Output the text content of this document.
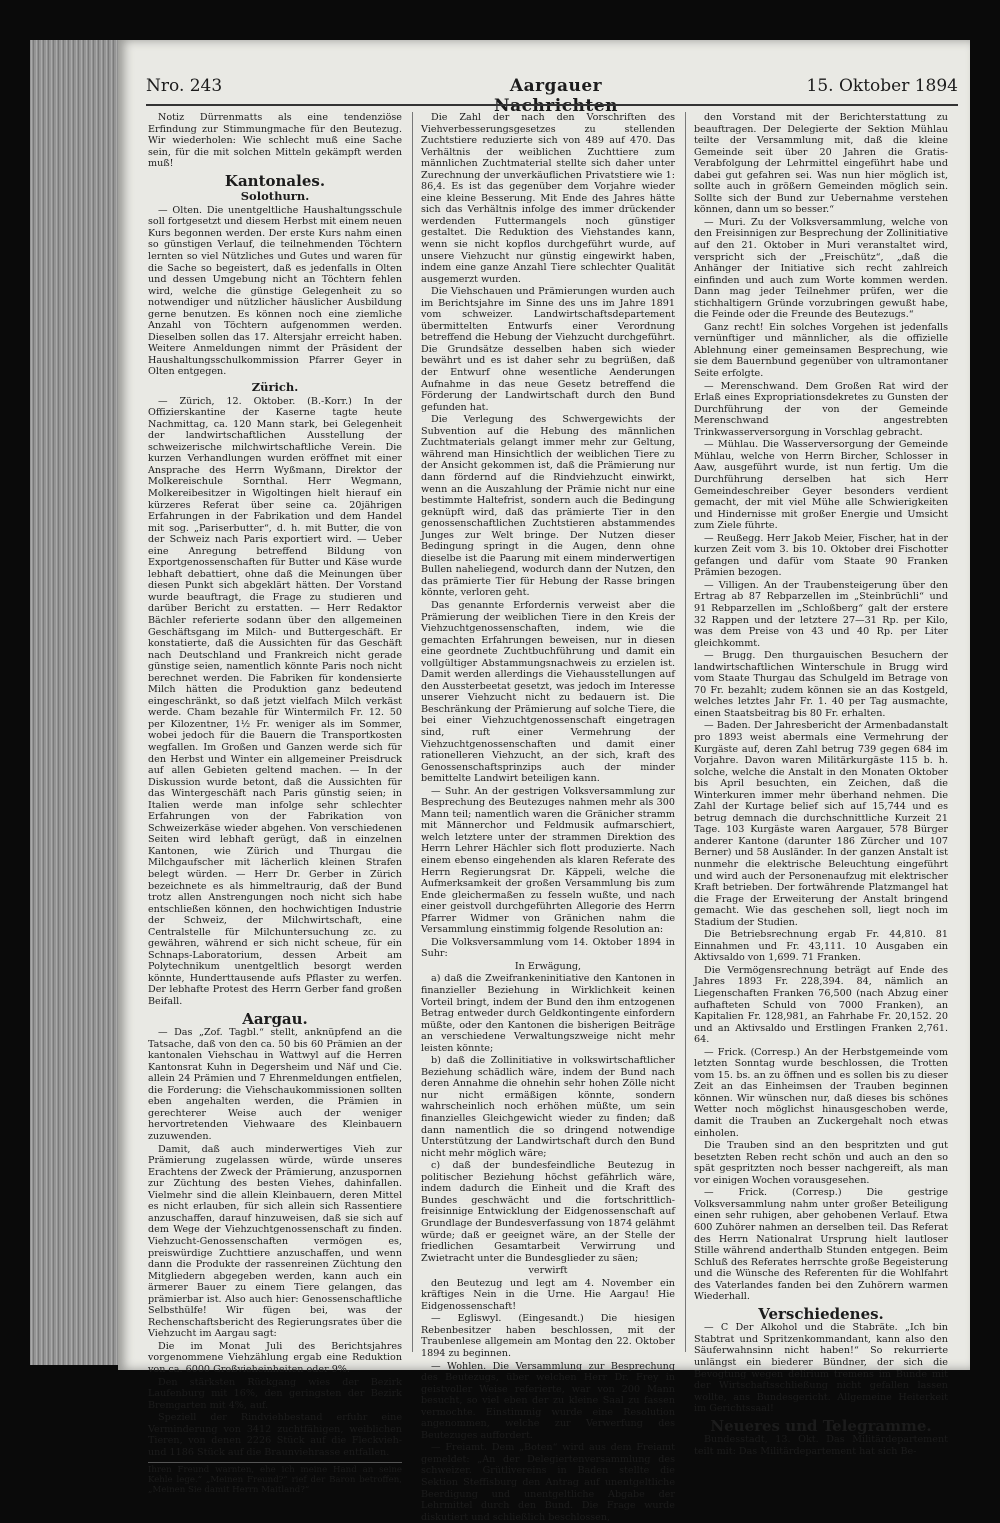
Nro. 243	Aargauer Nachrichten
15. Oktober 1894

Notiz Dürrenmatts als eine tendenziöse Erfindung zur Stimmungmache für den Beutezug. Wir wiederholen: Wie schlecht muß eine Sache sein, für die mit solchen Mitteln gekämpft werden muß!

Kantonales.
Solothurn.

— Olten. Die unentgeltliche Haushaltungsschule soll fortgesetzt und diesem Herbst mit einem neuen Kurs begonnen werden. Der erste Kurs nahm einen so günstigen Verlauf, die teilnehmenden Töchtern lernten so viel Nützliches und Gutes und waren für die Sache so begeistert, daß es jedenfalls in Olten und dessen Umgebung nicht an Töchtern fehlen wird, welche die günstige Gelegenheit zu so notwendiger und nützlicher häuslicher Ausbildung gerne benutzen. Es können noch eine ziemliche Anzahl von Töchtern aufgenommen werden. Dieselben sollen das 17. Altersjahr erreicht haben. Weitere Anmeldungen nimmt der Präsident der Haushaltungsschulkommission Pfarrer Geyer in Olten entgegen.

Zürich.

— Zürich, 12. Oktober. (B.-Korr.) In der Offizierskantine der Kaserne tagte heute Nachmittag, ca. 120 Mann stark, bei Gelegenheit der landwirtschaftlichen Ausstellung der schweizerische milchwirtschaftliche Verein. Die kurzen Verhandlungen wurden eröffnet mit einer Ansprache des Herrn Wyßmann, Direktor der Molkereischule Sornthal. Herr Wegmann, Molkereibesitzer in Wigoltingen hielt hierauf ein kürzeres Referat über seine ca. 20jährigen Erfahrungen in der Fabrikation und dem Handel mit sog. „Pariserbutter“, d. h. mit Butter, die von der Schweiz nach Paris exportiert wird. — Ueber eine Anregung betreffend Bildung von Exportgenossenschaften für Butter und Käse wurde lebhaft debattiert, ohne daß die Meinungen über diesen Punkt sich abgeklärt hätten. Der Vorstand wurde beauftragt, die Frage zu studieren und darüber Bericht zu erstatten. — Herr Redaktor Bächler referierte sodann über den allgemeinen Geschäftsgang im Milch- und Buttergeschäft. Er konstatierte, daß die Aussichten für das Geschäft nach Deutschland und Frankreich nicht gerade günstige seien, namentlich könnte Paris noch nicht berechnet werden. Die Fabriken für kondensierte Milch hätten die Produktion ganz bedeutend eingeschränkt, so daß jetzt vielfach Milch verkäst werde. Cham bezahle für Wintermilch Fr. 12. 50 per Kilozentner, 1½ Fr. weniger als im Sommer, wobei jedoch für die Bauern die Transportkosten wegfallen. Im Großen und Ganzen werde sich für den Herbst und Winter ein allgemeiner Preisdruck auf allen Gebieten geltend machen. — In der Diskussion wurde betont, daß die Aussichten für das Wintergeschäft nach Paris günstig seien; in Italien werde man infolge sehr schlechter Erfahrungen von der Fabrikation von Schweizerkäse wieder abgehen. Von verschiedenen Seiten wird lebhaft gerügt, daß in einzelnen Kantonen, wie Zürich und Thurgau die Milchgaufscher mit lächerlich kleinen Strafen belegt würden. — Herr Dr. Gerber in Zürich bezeichnete es als himmeltraurig, daß der Bund trotz allen Anstrengungen noch nicht sich habe entschließen können, den hochwichtigen Industrie der Schweiz, der Milchwirtschaft, eine Centralstelle für Milchuntersuchung zc. zu gewähren, während er sich nicht scheue, für ein Schnaps-Laboratorium, dessen Arbeit am Polytechnikum unentgeltlich besorgt werden könnte, Hunderttausende aufs Pflaster zu werfen. Der lebhafte Protest des Herrn Gerber fand großen Beifall.

Aargau.

— Das „Zof. Tagbl.“ stellt, anknüpfend an die Tatsache, daß von den ca. 50 bis 60 Prämien an der kantonalen Viehschau in Wattwyl auf die Herren Kantonsrat Kuhn in Degersheim und Näf und Cie. allein 24 Prämien und 7 Ehrenmeldungen entfielen, die Forderung: die Viehschaukommissionen sollten eben angehalten werden, die Prämien in gerechterer Weise auch der weniger hervortretenden Viehwaare des Kleinbauern zuzuwenden.

Damit, daß auch minderwertiges Vieh zur Prämierung zugelassen würde, würde unseres Erachtens der Zweck der Prämierung, anzuspornen zur Züchtung des besten Viehes, dahinfallen. Vielmehr sind die allein Kleinbauern, deren Mittel es nicht erlauben, für sich allein sich Rassentiere anzuschaffen, darauf hinzuweisen, daß sie sich auf dem Wege der Viehzuchtgenossenschaft zu finden. Viehzucht-Genossenschaften vermögen es, preiswürdige Zuchttiere anzuschaffen, und wenn dann die Produkte der rassenreinen Züchtung den Mitgliedern abgegeben werden, kann auch ein ärmerer Bauer zu einem Tiere gelangen, das prämierbar ist. Also auch hier: Genossenschaftliche Selbsthülfe! Wir fügen bei, was der Rechenschaftsbericht des Regierungsrates über die Viehzucht im Aargau sagt:

Die im Monat Juli des Berichtsjahres vorgenommene Viehzählung ergab eine Reduktion von ca. 6000 Großvieheinheiten oder 9%.

Den stärksten Rückgang wies der Bezirk Laufenburg mit 16%, den geringsten der Bezirk Bremgarten mit 4%, auf.

Speziell der Rindviehbestand erfuhr eine Verminderung von 3412 zuchtfähigen, weiblichen Tieren, von denen 2226 Stück auf die Fleckvieh- und 1186 Stück auf die Braunviehrasse entfallen.

Ihren Freund warnten, ehe ich meine Hand an seine Kehle lege.“ „Meinen Freund?“ rief der Baron betroffen, „Meinen Sie damit Herrn Maitland?“

Die Zahl der nach den Vorschriften des Viehverbesserungsgesetzes zu stellenden Zuchtstiere reduzierte sich von 489 auf 470. Das Verhältnis der weiblichen Zuchttiere zum männlichen Zuchtmaterial stellte sich daher unter Zurechnung der unverkäuflichen Privatstiere wie 1: 86,4. Es ist das gegenüber dem Vorjahre wieder eine kleine Besserung. Mit Ende des Jahres hätte sich das Verhältnis infolge des immer drückender werdenden Futtermangels noch günstiger gestaltet. Die Reduktion des Viehstandes kann, wenn sie nicht kopflos durchgeführt wurde, auf unsere Viehzucht nur günstig eingewirkt haben, indem eine ganze Anzahl Tiere schlechter Qualität ausgemerzt wurden.

Die Viehschauen und Prämierungen wurden auch im Berichtsjahre im Sinne des uns im Jahre 1891 vom schweizer. Landwirtschaftsdepartement übermittelten Entwurfs einer Verordnung betreffend die Hebung der Viehzucht durchgeführt. Die Grundsätze desselben haben sich wieder bewährt und es ist daher sehr zu begrüßen, daß der Entwurf ohne wesentliche Aenderungen Aufnahme in das neue Gesetz betreffend die Förderung der Landwirtschaft durch den Bund gefunden hat.

Die Verlegung des Schwergewichts der Subvention auf die Hebung des männlichen Zuchtmaterials gelangt immer mehr zur Geltung, während man Hinsichtlich der weiblichen Tiere zu der Ansicht gekommen ist, daß die Prämierung nur dann fördernd auf die Rindviehzucht einwirkt, wenn an die Auszahlung der Prämie nicht nur eine bestimmte Haltefrist, sondern auch die Bedingung geknüpft wird, daß das prämierte Tier in den genossenschaftlichen Zuchtstieren abstammendes Junges zur Welt bringe. Der Nutzen dieser Bedingung springt in die Augen, denn ohne dieselbe ist die Paarung mit einem minderwertigen Bullen naheliegend, wodurch dann der Nutzen, den das prämierte Tier für Hebung der Rasse bringen könnte, verloren geht.

Das genannte Erfordernis verweist aber die Prämierung der weiblichen Tiere in den Kreis der Viehzuchtgenossenschaften, indem, wie die gemachten Erfahrungen beweisen, nur in diesen eine geordnete Zuchtbuchführung und damit ein vollgültiger Abstammungsnachweis zu erzielen ist. Damit werden allerdings die Viehausstellungen auf den Aussterbeetat gesetzt, was jedoch im Interesse unserer Viehzucht nicht zu bedauern ist. Die Beschränkung der Prämierung auf solche Tiere, die bei einer Viehzuchtgenossenschaft eingetragen sind, ruft einer Vermehrung der Viehzuchtgenossenschaften und damit einer rationelleren Viehzucht, an der sich, kraft des Genossenschaftsprinzips auch der minder bemittelte Landwirt beteiligen kann.

— Suhr. An der gestrigen Volksversammlung zur Besprechung des Beutezuges nahmen mehr als 300 Mann teil; namentlich waren die Gränicher stramm mit Männerchor und Feldmusik aufmarschiert, welch letztere unter der strammen Direktion des Herrn Lehrer Hächler sich flott produzierte. Nach einem ebenso eingehenden als klaren Referate des Herrn Regierungsrat Dr. Käppeli, welche die Aufmerksamkeit der großen Versammlung bis zum Ende gleichermaßen zu fesseln wußte, und nach einer geistvoll durchgeführten Allegorie des Herrn Pfarrer Widmer von Gränichen nahm die Versammlung einstimmig folgende Resolution an:

Die Volksversammlung vom 14. Oktober 1894 in Suhr:

In Erwägung,

a) daß die Zweifrankeninitiative den Kantonen in finanzieller Beziehung in Wirklichkeit keinen Vorteil bringt, indem der Bund den ihm entzogenen Betrag entweder durch Geldkontingente einfordern müßte, oder den Kantonen die bisherigen Beiträge an verschiedene Verwaltungszweige nicht mehr leisten könnte;

b) daß die Zollinitiative in volkswirtschaftlicher Beziehung schädlich wäre, indem der Bund nach deren Annahme die ohnehin sehr hohen Zölle nicht nur nicht ermäßigen könnte, sondern wahrscheinlich noch erhöhen müßte, um sein finanzielles Gleichgewicht wieder zu finden; daß dann namentlich die so dringend notwendige Unterstützung der Landwirtschaft durch den Bund nicht mehr möglich wäre;

c) daß der bundesfeindliche Beutezug in politischer Beziehung höchst gefährlich wäre, indem dadurch die Einheit und die Kraft des Bundes geschwächt und die fortschrittlich-freisinnige Entwicklung der Eidgenossenschaft auf Grundlage der Bundesverfassung von 1874 gelähmt würde; daß er geeignet wäre, an der Stelle der friedlichen Gesamtarbeit Verwirrung und Zwietracht unter die Bundesglieder zu säen;

verwirft

den Beutezug und legt am 4. November ein kräftiges Nein in die Urne. Hie Aargau! Hie Eidgenossenschaft!

— Egliswyl. (Eingesandt.) Die hiesigen Rebenbesitzer haben beschlossen, mit der Traubenlese allgemein am Montag den 22. Oktober 1894 zu beginnen.

— Wohlen. Die Versammlung zur Besprechung des Beutezugs, über welchen Herr Dr. Frey in geistvoller Weise referierte, war von 200 Mann besucht, so viel eben der zu kleine Saal zu fassen vermochte. Einstimmig wurde eine Resolution angenommen, welche zur Verwerfung des Beutezuges auffordert.

— Freiamt. Dem „Boten“ wird aus dem Freiamt gemeldet: „An der Delegiertenversammlung des schweizer. Grütlivereins in Baden stellte die Sektion Steffisburg den Antrag auf unentgeltliche Beerdigung und unentgeltliche Abgabe der Lehrmittel durch den Bund. Die Frage wurde diskutiert und schließlich beschlossen,

den Vorstand mit der Berichterstattung zu beauftragen. Der Delegierte der Sektion Mühlau teilte der Versammlung mit, daß die kleine Gemeinde seit über 20 Jahren die Gratis-Verabfolgung der Lehrmittel eingeführt habe und dabei gut gefahren sei. Was nun hier möglich ist, sollte auch in größern Gemeinden möglich sein. Sollte sich der Bund zur Uebernahme verstehen können, dann um so besser.“

— Muri. Zu der Volksversammlung, welche von den Freisinnigen zur Besprechung der Zollinitiative auf den 21. Oktober in Muri veranstaltet wird, verspricht sich der „Freischütz“, „daß die Anhänger der Initiative sich recht zahlreich einfinden und auch zum Worte kommen werden. Dann mag jeder Teilnehmer prüfen, wer die stichhaltigern Gründe vorzubringen gewußt habe, die Feinde oder die Freunde des Beutezugs.“

Ganz recht! Ein solches Vorgehen ist jedenfalls vernünftiger und männlicher, als die offizielle Ablehnung einer gemeinsamen Besprechung, wie sie dem Bauernbund gegenüber von ultramontaner Seite erfolgte.

— Merenschwand. Dem Großen Rat wird der Erlaß eines Expropriationsdekretes zu Gunsten der Durchführung der von der Gemeinde Merenschwand angestrebten Trinkwasserversorgung in Vorschlag gebracht.

— Mühlau. Die Wasserversorgung der Gemeinde Mühlau, welche von Herrn Bircher, Schlosser in Aaw, ausgeführt wurde, ist nun fertig. Um die Durchführung derselben hat sich Herr Gemeindeschreiber Geyer besonders verdient gemacht, der mit viel Mühe alle Schwierigkeiten und Hindernisse mit großer Energie und Umsicht zum Ziele führte.

— Reußegg. Herr Jakob Meier, Fischer, hat in der kurzen Zeit vom 3. bis 10. Oktober drei Fischotter gefangen und dafür vom Staate 90 Franken Prämien bezogen.

— Villigen. An der Traubensteigerung über den Ertrag ab 87 Rebparzellen im „Steinbrüchli“ und 91 Rebparzellen im „Schloßberg“ galt der erstere 32 Rappen und der letztere 27—31 Rp. per Kilo, was dem Preise von 43 und 40 Rp. per Liter gleichkommt.

— Brugg. Den thurgauischen Besuchern der landwirtschaftlichen Winterschule in Brugg wird vom Staate Thurgau das Schulgeld im Betrage von 70 Fr. bezahlt; zudem können sie an das Kostgeld, welches letztes Jahr Fr. 1. 40 per Tag ausmachte, einen Staatsbeitrag bis 80 Fr. erhalten.

— Baden. Der Jahresbericht der Armenbadanstalt pro 1893 weist abermals eine Vermehrung der Kurgäste auf, deren Zahl betrug 739 gegen 684 im Vorjahre. Davon waren Militärkurgäste 115 b. h. solche, welche die Anstalt in den Monaten Oktober bis April besuchten, ein Zeichen, daß die Winterkuren immer mehr überhand nehmen. Die Zahl der Kurtage belief sich auf 15,744 und es betrug demnach die durchschnittliche Kurzeit 21 Tage. 103 Kurgäste waren Aargauer, 578 Bürger anderer Kantone (darunter 186 Zürcher und 107 Berner) und 58 Ausländer. In der ganzen Anstalt ist nunmehr die elektrische Beleuchtung eingeführt und wird auch der Personenaufzug mit elektrischer Kraft betrieben. Der fortwährende Platzmangel hat die Frage der Erweiterung der Anstalt bringend gemacht. Wie das geschehen soll, liegt noch im Stadium der Studien.

Die Betriebsrechnung ergab Fr. 44,810. 81 Einnahmen und Fr. 43,111. 10 Ausgaben ein Aktivsaldo von 1,699. 71 Franken.

Die Vermögensrechnung beträgt auf Ende des Jahres 1893 Fr. 228,394. 84, nämlich an Liegenschaften Franken 76,500 (nach Abzug einer aufhafteten Schuld von 7000 Franken), an Kapitalien Fr. 128,981, an Fahrhabe Fr. 20,152. 20 und an Aktivsaldo und Erstlingen Franken 2,761. 64.

— Frick. (Corresp.) An der Herbstgemeinde vom letzten Sonntag wurde beschlossen, die Trotten vom 15. bs. an zu öffnen und es sollen bis zu dieser Zeit an das Einheimsen der Trauben beginnen können. Wir wünschen nur, daß dieses bis schönes Wetter noch möglichst hinausgeschoben werde, damit die Trauben an Zuckergehalt noch etwas einholen.

Die Trauben sind an den bespritzten und gut besetzten Reben recht schön und auch an den so spät gespritzten noch besser nachgereift, als man vor einigen Wochen vorausgesehen.

— Frick. (Corresp.) Die gestrige Volksversammlung nahm unter großer Beteiligung einen sehr ruhigen, aber gehobenen Verlauf. Etwa 600 Zuhörer nahmen an derselben teil. Das Referat des Herrn Nationalrat Ursprung hielt lautloser Stille während anderthalb Stunden entgegen. Beim Schluß des Referates herrschte große Begeisterung und die Wünsche des Referenten für die Wohlfahrt des Vaterlandes fanden bei den Zuhörern warmen Wiederhall.

Verschiedenes.

— C Der Alkohol und die Stabräte. „Ich bin Stabtrat und Spritzenkommandant, kann also den Säuferwahnsinn nicht haben!“ So rekurrierte unlängst ein biederer Bündner, der sich die Bevogtung wegen delirium tremens im Bunde mit der Wirtschaftsschließung nicht gefallen lassen wollte, ans Bundesgericht. Allgemeine Heiterkeit im Gerichtssaal!

Neueres und Telegramme.

Bundesstadt, 13. Okt. Das Militärdepartement teilt mit: Das Militärdepartement hat sich Be-
